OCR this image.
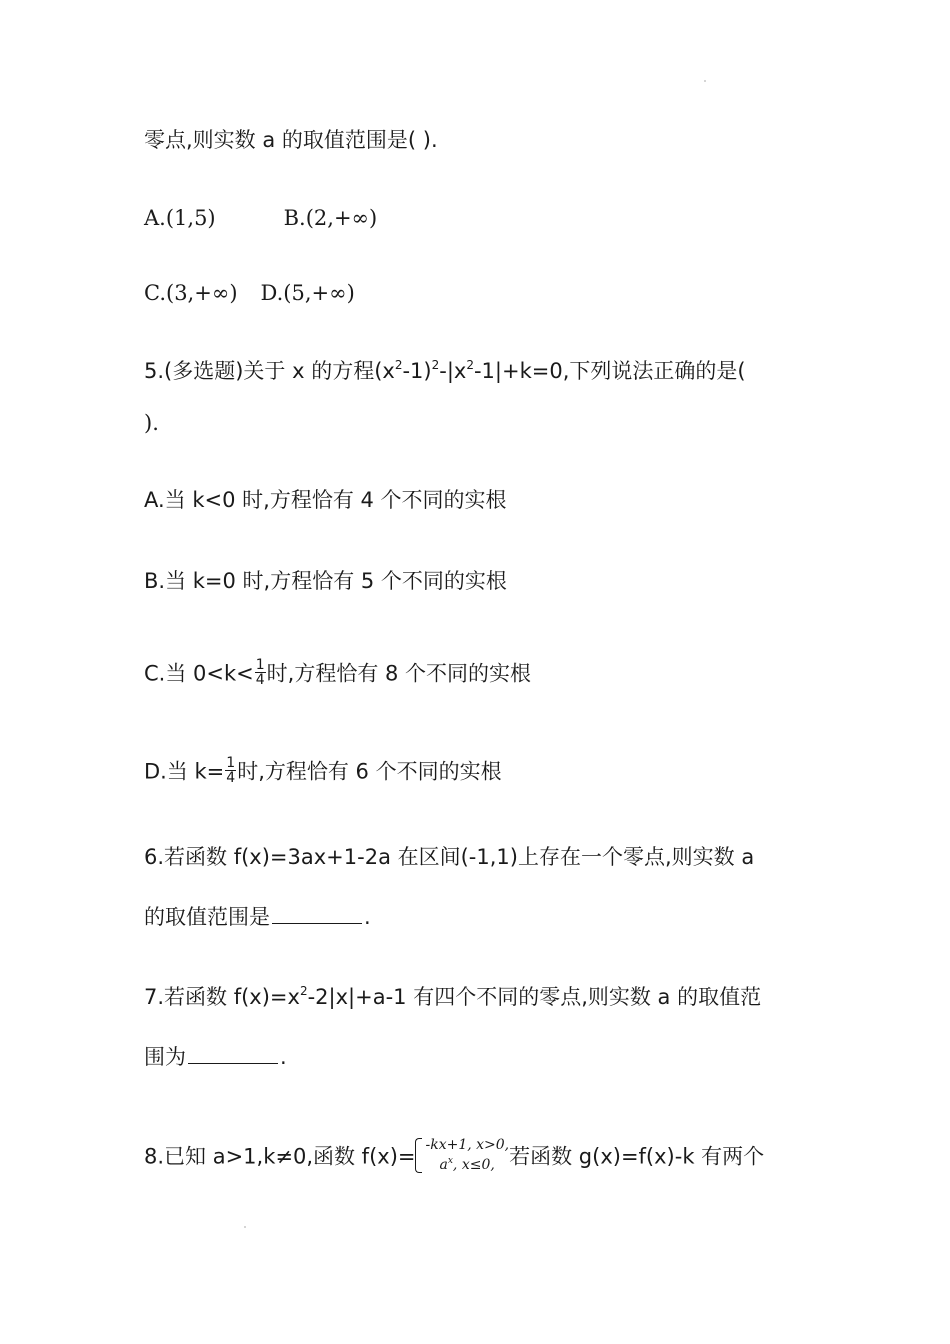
零点,则实数 a 的取值范围是( ).
A.(1,5)	B.(2,+∞)
C.(3,+∞) D.(5,+∞)
5.(多选题)关于 x 的方程$(x^2-1)^2-|x^2-1|+k=0$,下列说法正确的是(
).
A.当 k<0 时,方程恰有 4 个不同的实根
B.当 k=0 时,方程恰有 5 个不同的实根
C.当 $0<k< \frac{1}{4}$ 时,方程恰有 8 个不同的实根
D.当 $k= \frac{1}{4}$ 时,方程恰有 6 个不同的实根
6.若函数 f(x)=3ax+1-2a 在区间(-1,1)上存在一个零点,则实数 a
的取值范围是	.
7.若函数 $f(x)=x^2-2|x|+a-1$ 有四个不同的零点,则实数 a 的取值范
围为	.
8.已知 a>1,k≠0,函数 f(x)= -kx+1, x>0,
$a^x$, x≤0, 若函数 g(x)=f(x)-k 有两个
